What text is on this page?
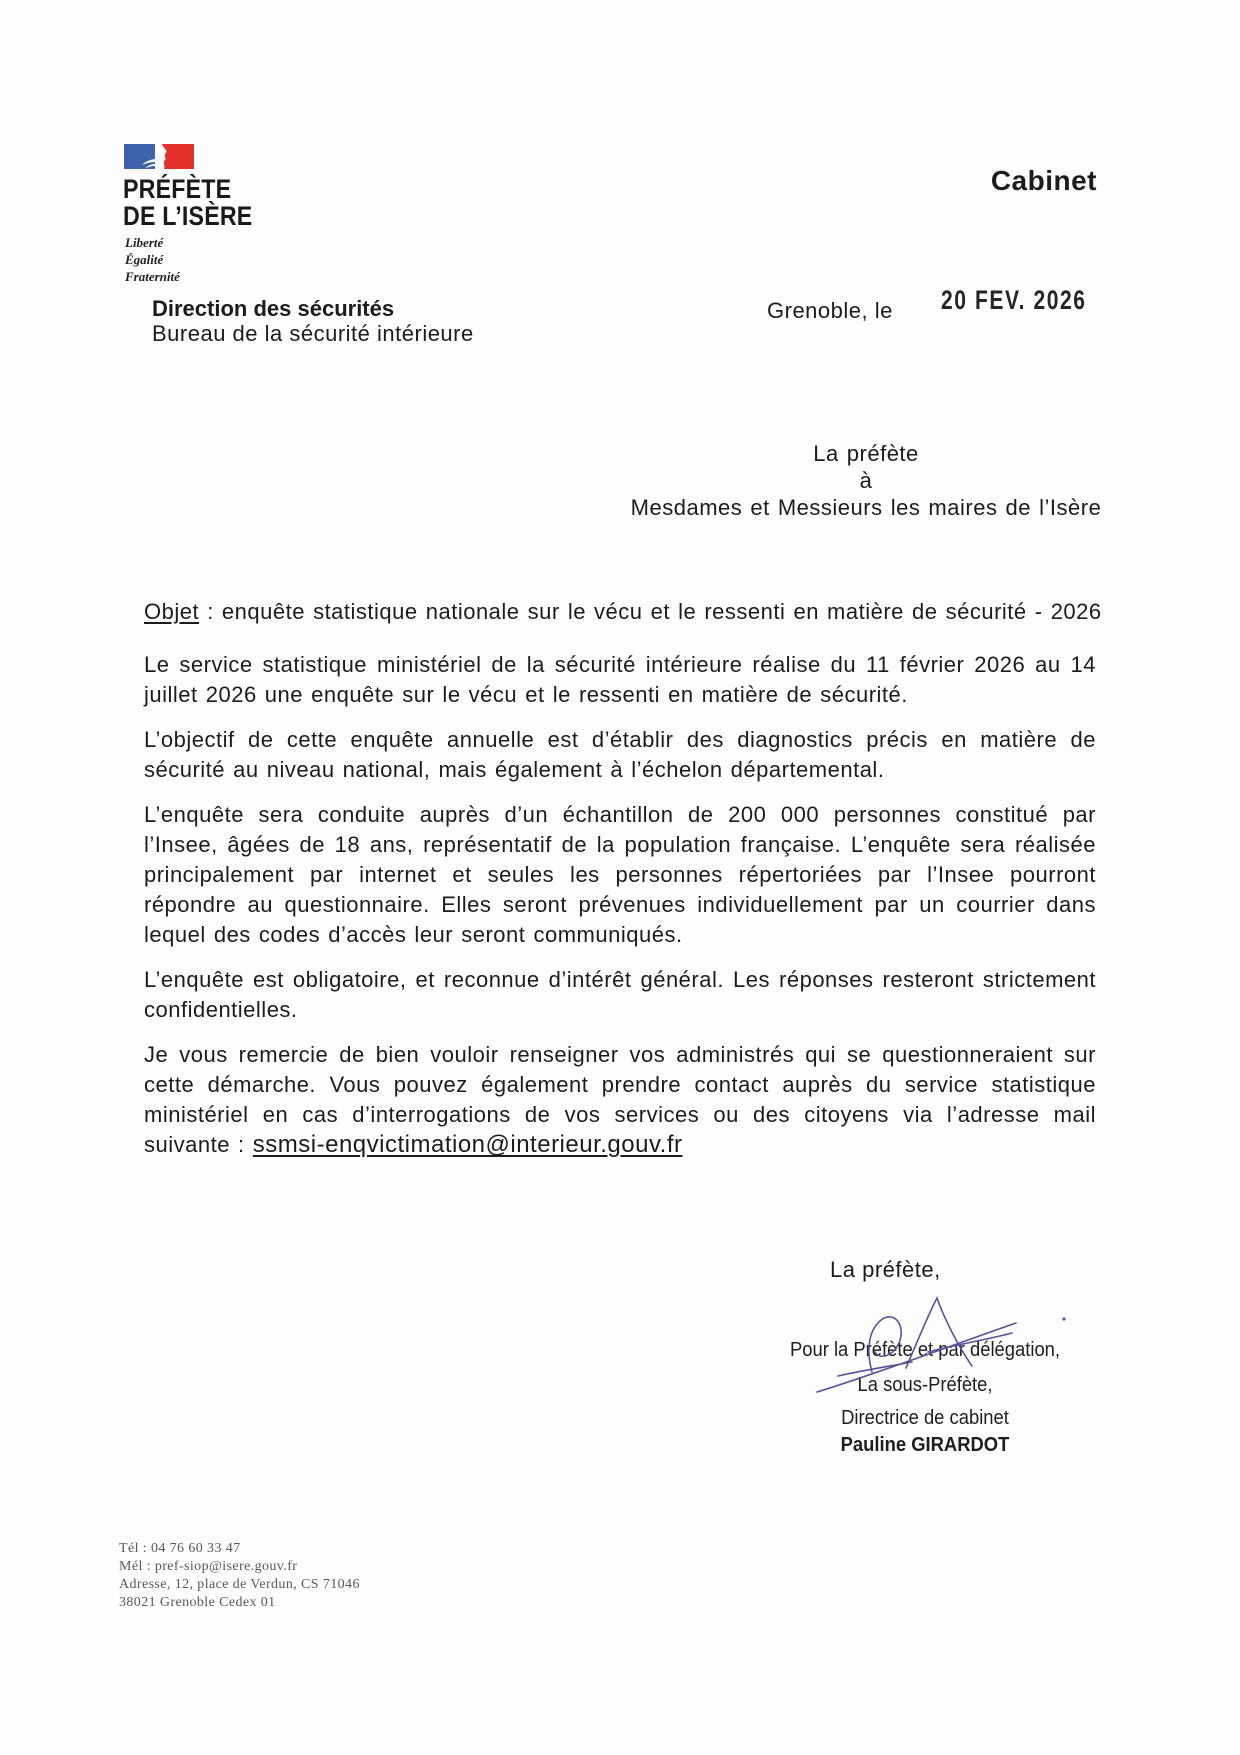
PRÉFÈTE
DE L’ISÈRE
Liberté
Égalité
Fraternité
Cabinet
Direction des sécurités
Bureau de la sécurité intérieure
Grenoble, le 20 FEV. 2026
La préfète
à
Mesdames et Messieurs les maires de l’Isère
Objet : enquête statistique nationale sur le vécu et le ressenti en matière de sécurité - 2026

Le service statistique ministériel de la sécurité intérieure réalise du 11 février 2026 au 14 juillet 2026 une enquête sur le vécu et le ressenti en matière de sécurité.

L’objectif de cette enquête annuelle est d’établir des diagnostics précis en matière de sécurité au niveau national, mais également à l’échelon départemental.

L’enquête sera conduite auprès d’un échantillon de 200 000 personnes constitué par l’Insee, âgées de 18 ans, représentatif de la population française. L’enquête sera réalisée principalement par internet et seules les personnes répertoriées par l’Insee pourront répondre au questionnaire. Elles seront prévenues individuellement par un courrier dans lequel des codes d’accès leur seront communiqués.

L’enquête est obligatoire, et reconnue d’intérêt général. Les réponses resteront strictement confidentielles.

Je vous remercie de bien vouloir renseigner vos administrés qui se questionneraient sur cette démarche. Vous pouvez également prendre contact auprès du service statistique ministériel en cas d’interrogations de vos services ou des citoyens via l’adresse mail suivante : ssmsi-enqvictimation@interieur.gouv.fr

La préfète,
Pour la Préfète et par délégation,
La sous-Préfète,
Directrice de cabinet
Pauline GIRARDOT
Tél : 04 76 60 33 47
Mél : pref-siop@isere.gouv.fr
Adresse, 12, place de Verdun, CS 71046
38021 Grenoble Cedex 01
